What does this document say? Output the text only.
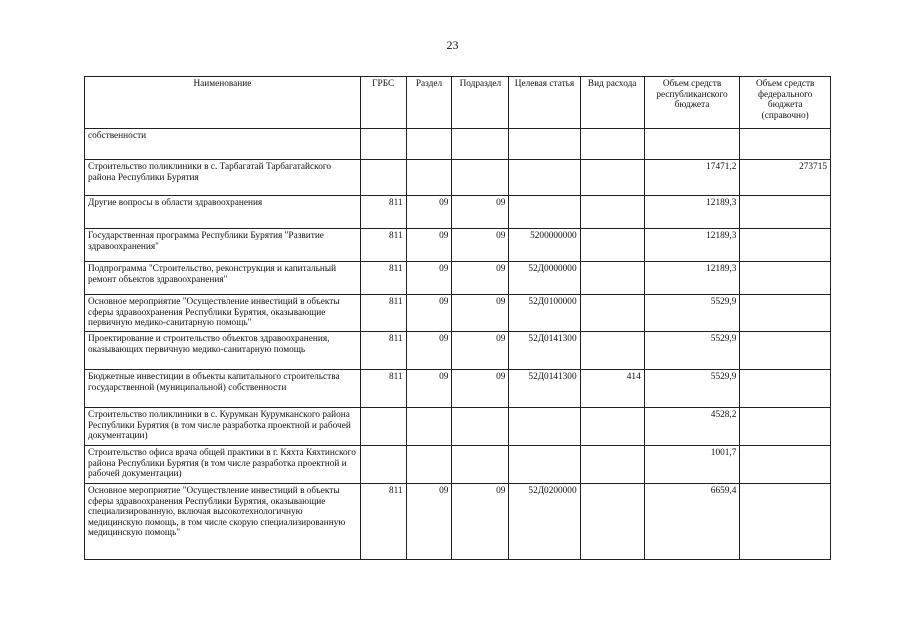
23
Наименование	ГРБС	Раздел	Подраздел	Целевая статья	Вид расхода	Объем средств республиканского бюджета	Объем средств федерального бюджета (справочно)
собственности							
Строительство поликлиники в с. Тарбагатай Тарбагатайского района Республики Бурятия						17471,2	273715
Другие вопросы в области здравоохранения	811	09	09			12189,3	
Государственная программа Республики Бурятия "Развитие здравоохранения"	811	09	09	5200000000		12189,3	
Подпрограмма "Строительство, реконструкция и капитальный ремонт объектов здравоохранения"	811	09	09	52Д0000000		12189,3	
Основное мероприятие "Осуществление инвестиций в объекты сферы здравоохранения Республики Бурятия, оказывающие первичную медико-санитарную помощь"	811	09	09	52Д0100000		5529,9	
Проектирование и строительство объектов здравоохранения, оказывающих первичную медико-санитарную помощь	811	09	09	52Д0141300		5529,9	
Бюджетные инвестиции в объекты капитального строительства государственной (муниципальной) собственности	811	09	09	52Д0141300	414	5529,9	
Строительство поликлиники в с. Курумкан Курумканского района Республики Бурятия (в том числе разработка проектной и рабочей документации)						4528,2	
Строительство офиса врача общей практики в г. Кяхта Кяхтинского района Республики Бурятия (в том числе разработка проектной и рабочей документации)						1001,7	
Основное мероприятие "Осуществление инвестиций в объекты сферы здравоохранения Республики Бурятия, оказывающие специализированную, включая высокотехнологичную медицинскую помощь, в том числе скорую специализированную медицинскую помощь"	811	09	09	52Д0200000		6659,4	
